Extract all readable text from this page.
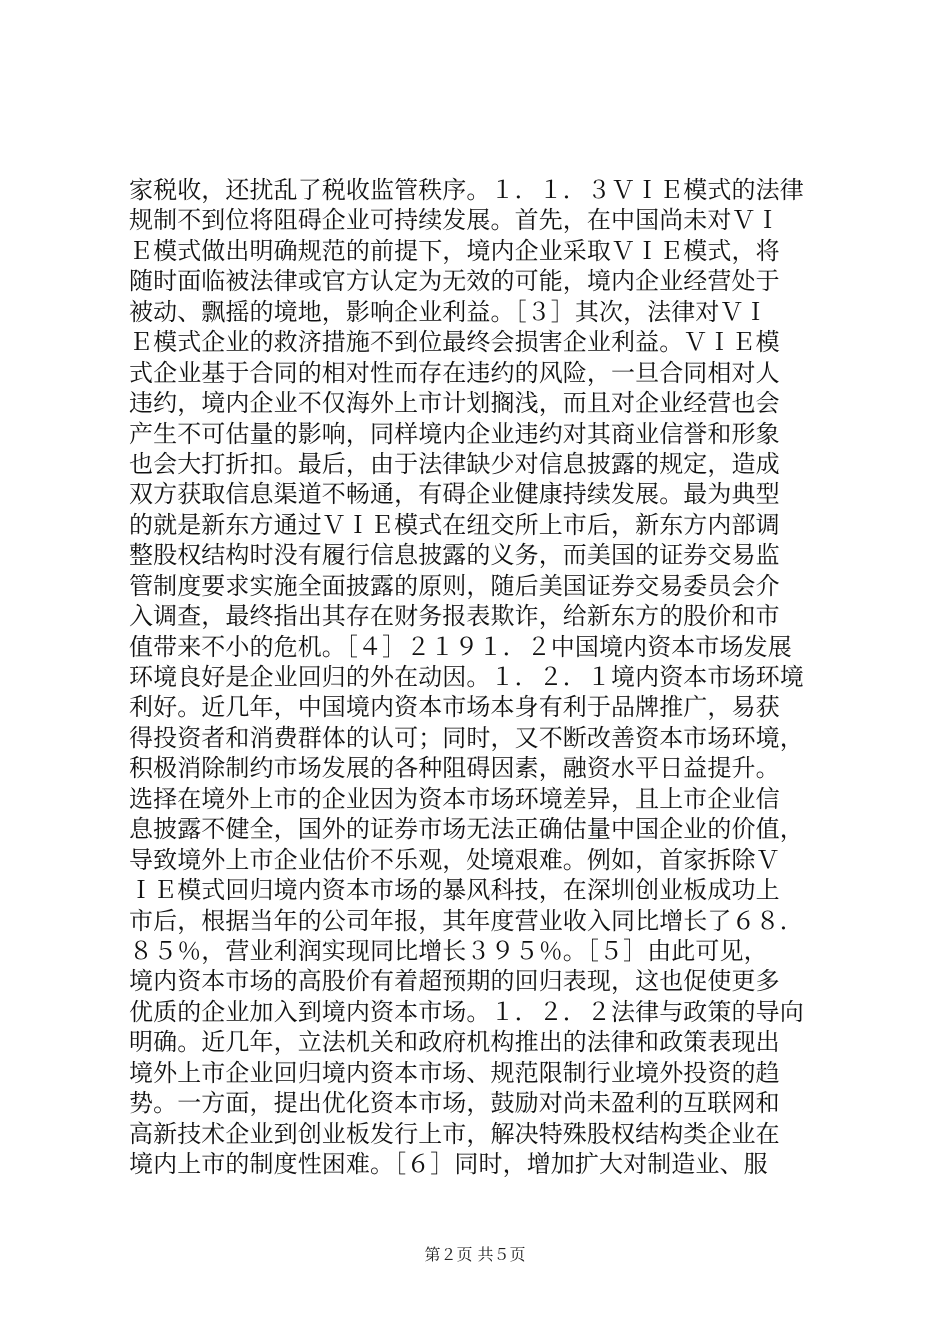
家税收，还扰乱了税收监管秩序。１．１．３ＶＩＥ模式的法律
规制不到位将阻碍企业可持续发展。首先，在中国尚未对ＶＩ
Ｅ模式做出明确规范的前提下，境内企业采取ＶＩＥ模式，将
随时面临被法律或官方认定为无效的可能，境内企业经营处于
被动、飘摇的境地，影响企业利益。［３］其次，法律对ＶＩ
Ｅ模式企业的救济措施不到位最终会损害企业利益。ＶＩＥ模
式企业基于合同的相对性而存在违约的风险，一旦合同相对人
违约，境内企业不仅海外上市计划搁浅，而且对企业经营也会
产生不可估量的影响，同样境内企业违约对其商业信誉和形象
也会大打折扣。最后，由于法律缺少对信息披露的规定，造成
双方获取信息渠道不畅通，有碍企业健康持续发展。最为典型
的就是新东方通过ＶＩＥ模式在纽交所上市后，新东方内部调
整股权结构时没有履行信息披露的义务，而美国的证券交易监
管制度要求实施全面披露的原则，随后美国证券交易委员会介
入调查，最终指出其存在财务报表欺诈，给新东方的股价和市
值带来不小的危机。［４］２１９１．２中国境内资本市场发展
环境良好是企业回归的外在动因。１．２．１境内资本市场环境
利好。近几年，中国境内资本市场本身有利于品牌推广，易获
得投资者和消费群体的认可；同时，又不断改善资本市场环境，
积极消除制约市场发展的各种阻碍因素，融资水平日益提升。
选择在境外上市的企业因为资本市场环境差异，且上市企业信
息披露不健全，国外的证券市场无法正确估量中国企业的价值，
导致境外上市企业估价不乐观，处境艰难。例如，首家拆除Ｖ
ＩＥ模式回归境内资本市场的暴风科技，在深圳创业板成功上
市后，根据当年的公司年报，其年度营业收入同比增长了６８．
８５％，营业利润实现同比增长３９５％。［５］由此可见，
境内资本市场的高股价有着超预期的回归表现，这也促使更多
优质的企业加入到境内资本市场。１．２．２法律与政策的导向
明确。近几年，立法机关和政府机构推出的法律和政策表现出
境外上市企业回归境内资本市场、规范限制行业境外投资的趋
势。一方面，提出优化资本市场，鼓励对尚未盈利的互联网和
高新技术企业到创业板发行上市，解决特殊股权结构类企业在
境内上市的制度性困难。［６］同时，增加扩大对制造业、服
第２页 共５页
